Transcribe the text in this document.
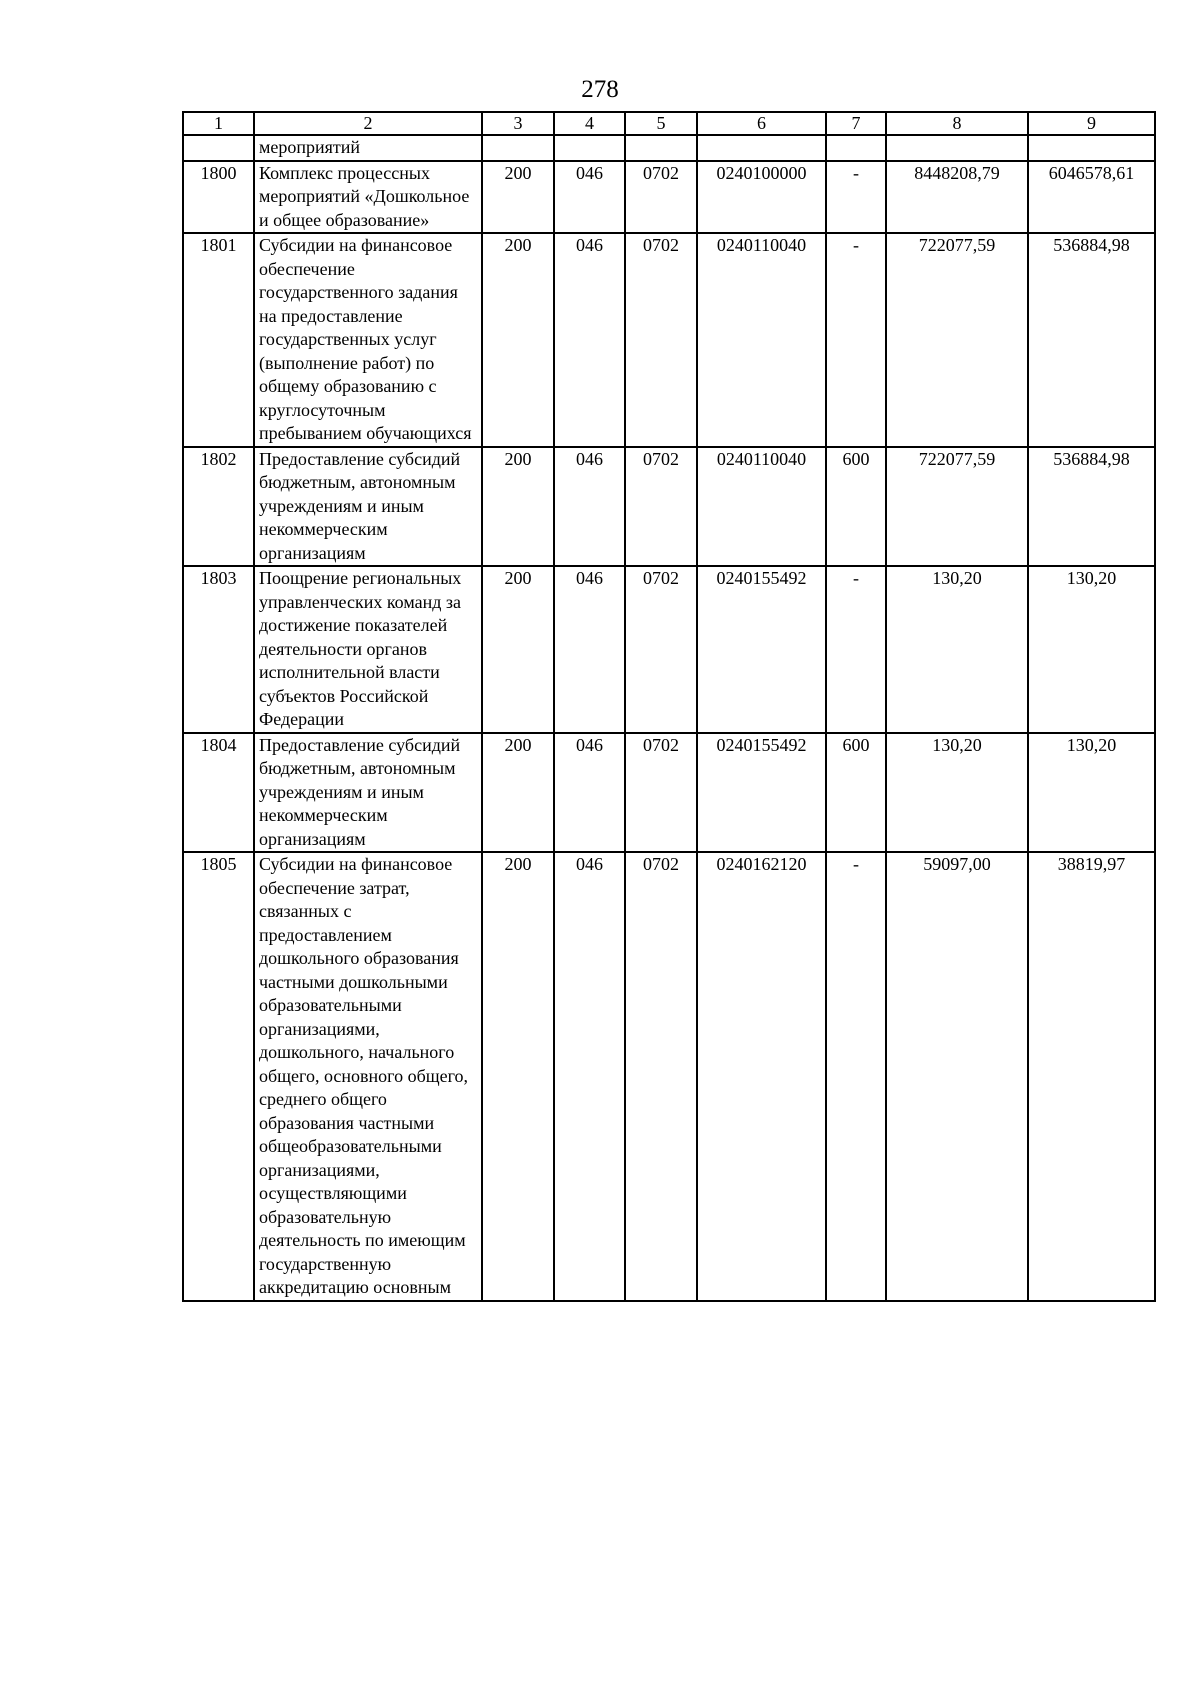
278
1	2	3	4	5	6	7	8	9
	мероприятий							
1800	Комплекс процессных мероприятий «Дошкольное и общее образование»	200	046	0702	0240100000	-	8448208,79	6046578,61
1801	Субсидии на финансовое обеспечение государственного задания на предоставление государственных услуг (выполнение работ) по общему образованию с круглосуточным пребыванием обучающихся	200	046	0702	0240110040	-	722077,59	536884,98
1802	Предоставление субсидий бюджетным, автономным учреждениям и иным некоммерческим организациям	200	046	0702	0240110040	600	722077,59	536884,98
1803	Поощрение региональных управленческих команд за достижение показателей деятельности органов исполнительной власти субъектов Российской Федерации	200	046	0702	0240155492	-	130,20	130,20
1804	Предоставление субсидий бюджетным, автономным учреждениям и иным некоммерческим организациям	200	046	0702	0240155492	600	130,20	130,20
1805	Субсидии на финансовое обеспечение затрат, связанных с предоставлением дошкольного образования частными дошкольными образовательными организациями, дошкольного, начального общего, основного общего, среднего общего образования частными общеобразовательными организациями, осуществляющими образовательную деятельность по имеющим государственную аккредитацию основным	200	046	0702	0240162120	-	59097,00	38819,97
